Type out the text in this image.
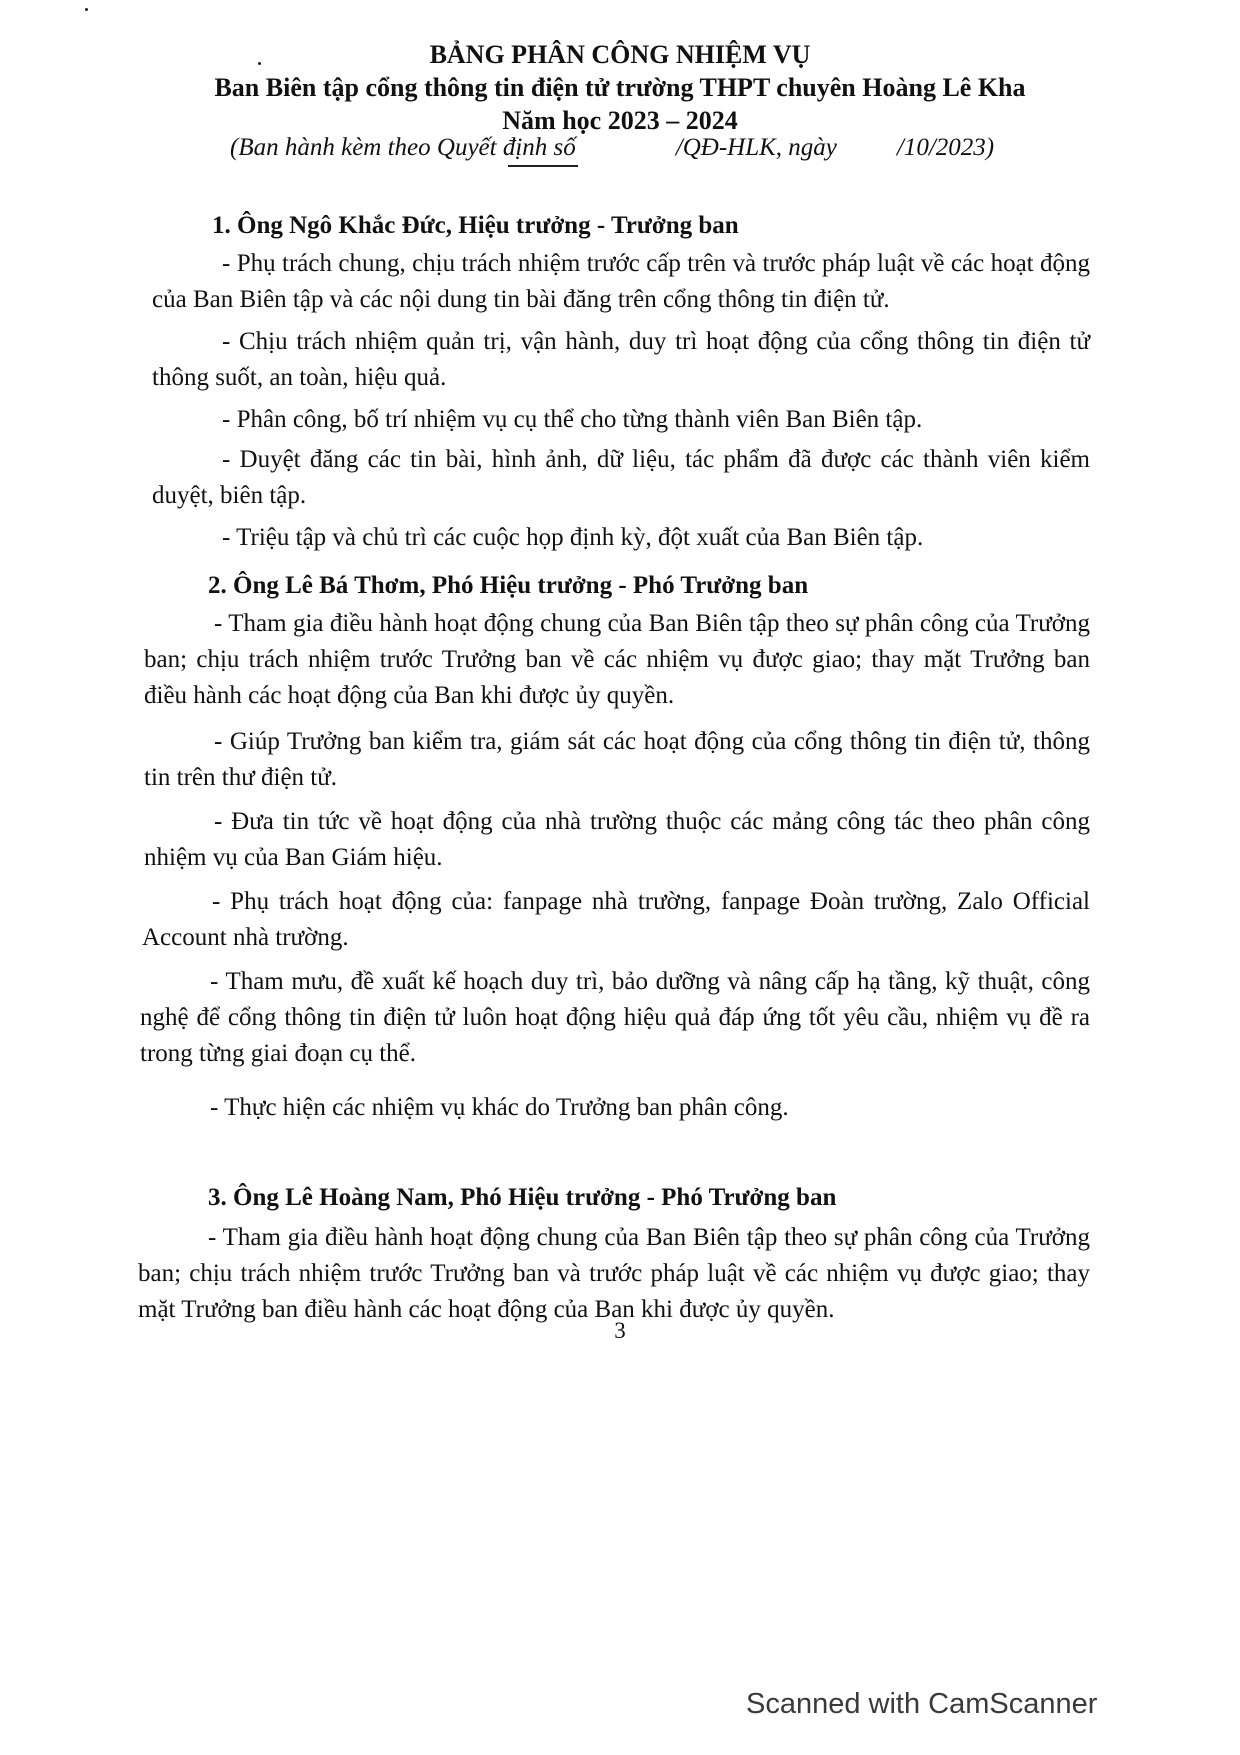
BẢNG PHÂN CÔNG NHIỆM VỤ
Ban Biên tập cổng thông tin điện tử trường THPT chuyên Hoàng Lê Kha
Năm học 2023 – 2024
(Ban hành kèm theo Quyết định số	/QĐ-HLK, ngày /10/2023)
1. Ông Ngô Khắc Đức, Hiệu trưởng - Trưởng ban
- Phụ trách chung, chịu trách nhiệm trước cấp trên và trước pháp luật về các hoạt động của Ban Biên tập và các nội dung tin bài đăng trên cổng thông tin điện tử.
- Chịu trách nhiệm quản trị, vận hành, duy trì hoạt động của cổng thông tin điện tử thông suốt, an toàn, hiệu quả.
- Phân công, bố trí nhiệm vụ cụ thể cho từng thành viên Ban Biên tập.
- Duyệt đăng các tin bài, hình ảnh, dữ liệu, tác phẩm đã được các thành viên kiểm duyệt, biên tập.
- Triệu tập và chủ trì các cuộc họp định kỳ, đột xuất của Ban Biên tập.
2. Ông Lê Bá Thơm, Phó Hiệu trưởng - Phó Trưởng ban
- Tham gia điều hành hoạt động chung của Ban Biên tập theo sự phân công của Trưởng ban; chịu trách nhiệm trước Trưởng ban về các nhiệm vụ được giao; thay mặt Trưởng ban điều hành các hoạt động của Ban khi được ủy quyền.
- Giúp Trưởng ban kiểm tra, giám sát các hoạt động của cổng thông tin điện tử, thông tin trên thư điện tử.
- Đưa tin tức về hoạt động của nhà trường thuộc các mảng công tác theo phân công nhiệm vụ của Ban Giám hiệu.
- Phụ trách hoạt động của: fanpage nhà trường, fanpage Đoàn trường, Zalo Official Account nhà trường.
- Tham mưu, đề xuất kế hoạch duy trì, bảo dưỡng và nâng cấp hạ tầng, kỹ thuật, công nghệ để cổng thông tin điện tử luôn hoạt động hiệu quả đáp ứng tốt yêu cầu, nhiệm vụ đề ra trong từng giai đoạn cụ thể.
- Thực hiện các nhiệm vụ khác do Trưởng ban phân công.
3. Ông Lê Hoàng Nam, Phó Hiệu trưởng - Phó Trưởng ban
- Tham gia điều hành hoạt động chung của Ban Biên tập theo sự phân công của Trưởng ban; chịu trách nhiệm trước Trưởng ban và trước pháp luật về các nhiệm vụ được giao; thay mặt Trưởng ban điều hành các hoạt động của Ban khi được ủy quyền.
3
Scanned with CamScanner
